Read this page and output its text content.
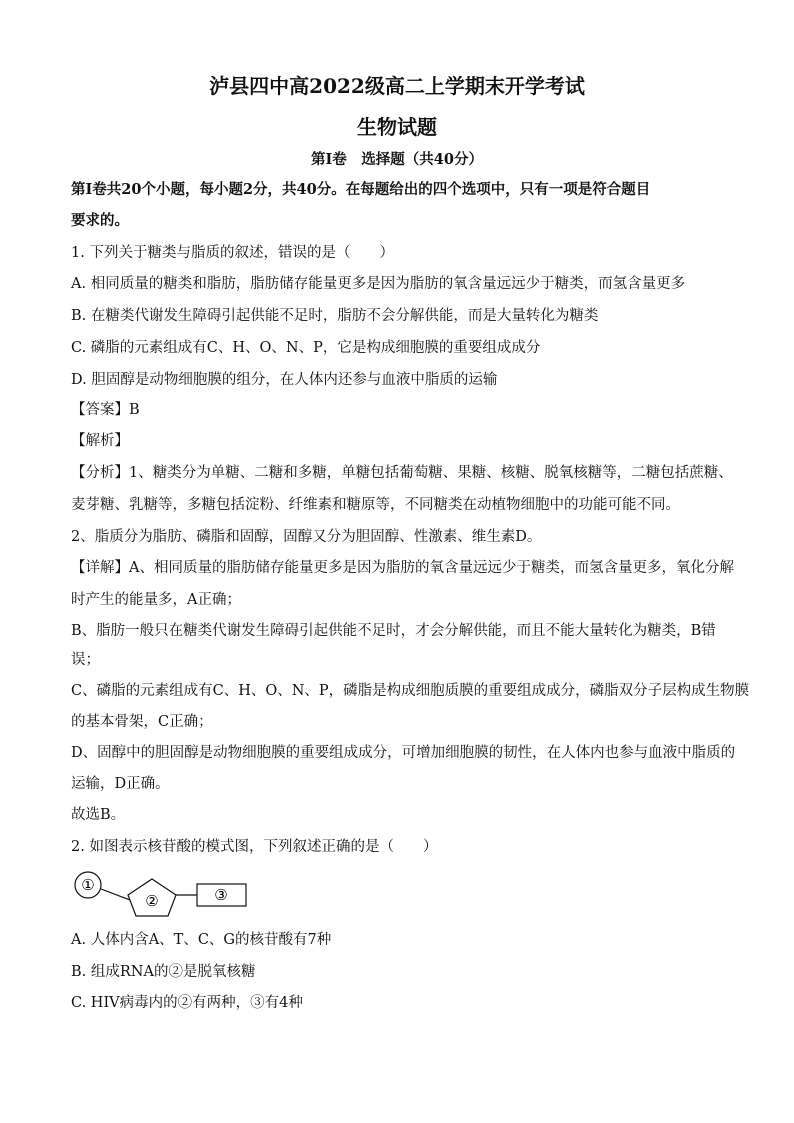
泸县四中高2022级高二上学期末开学考试
生物试题
第Ⅰ卷　选择题（共40分）
第Ⅰ卷共20个小题，每小题2分，共40分。在每题给出的四个选项中，只有一项是符合题目
要求的。
1. 下列关于糖类与脂质的叙述，错误的是（　　）
A. 相同质量的糖类和脂肪，脂肪储存能量更多是因为脂肪的氧含量远远少于糖类，而氢含量更多
B. 在糖类代谢发生障碍引起供能不足时，脂肪不会分解供能，而是大量转化为糖类
C. 磷脂的元素组成有C、H、O、N、P，它是构成细胞膜的重要组成成分
D. 胆固醇是动物细胞膜的组分，在人体内还参与血液中脂质的运输
【答案】B
【解析】
【分析】1、糖类分为单糖、二糖和多糖，单糖包括葡萄糖、果糖、核糖、脱氧核糖等，二糖包括蔗糖、
麦芽糖、乳糖等，多糖包括淀粉、纤维素和糖原等，不同糖类在动植物细胞中的功能可能不同。
2、脂质分为脂肪、磷脂和固醇，固醇又分为胆固醇、性激素、维生素D。
【详解】A、相同质量的脂肪储存能量更多是因为脂肪的氧含量远远少于糖类，而氢含量更多，氧化分解
时产生的能量多，A正确；
B、脂肪一般只在糖类代谢发生障碍引起供能不足时，才会分解供能，而且不能大量转化为糖类，B错
误；
C、磷脂的元素组成有C、H、O、N、P，磷脂是构成细胞质膜的重要组成成分，磷脂双分子层构成生物膜
的基本骨架，C正确；
D、固醇中的胆固醇是动物细胞膜的重要组成成分，可增加细胞膜的韧性，在人体内也参与血液中脂质的
运输，D正确。
故选B。
2. 如图表示核苷酸的模式图，下列叙述正确的是（　　）
①
②	③
A. 人体内含A、T、C、G的核苷酸有7种
B. 组成RNA的②是脱氧核糖
C. HIV病毒内的②有两种，③有4种
